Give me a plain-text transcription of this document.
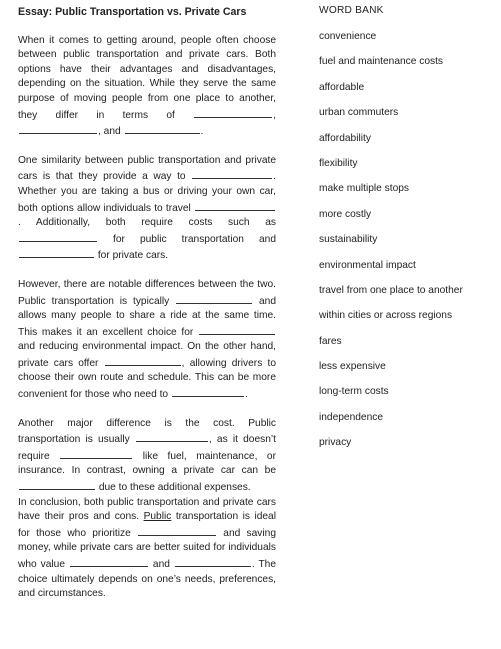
Essay: Public Transportation vs. Private Cars

When it comes to getting around, people often choose between public transportation and private cars. Both options have their advantages and disadvantages, depending on the situation. While they serve the same purpose of moving people from one place to another, they differ in terms of	, , and	.

One similarity between public transportation and private cars is that they provide a way to	. Whether you are taking a bus or driving your own car, both options allow individuals to travel . Additionally, both require costs such as  for public transportation and  for private cars.

However, there are notable differences between the two. Public transportation is typically	and allows many people to share a ride at the same time. This makes it an excellent choice for  and reducing environmental impact. On the other hand, private cars offer	, allowing drivers to choose their own route and schedule. This can be more convenient for those who need to	.

Another major difference is the cost. Public transportation is usually	, as it doesn’t require	like fuel, maintenance, or insurance. In contrast, owning a private car can be  due to these additional expenses.

In conclusion, both public transportation and private cars have their pros and cons. Public transportation is ideal for those who prioritize	and saving money, while private cars are better suited for individuals who value	and	. The choice ultimately depends on one’s needs, preferences, and circumstances.

WORD BANK
convenience
fuel and maintenance costs
affordable
urban commuters
affordability
flexibility
make multiple stops
more costly
sustainability
environmental impact
travel from one place to another
within cities or across regions
fares
less expensive
long-term costs
independence
privacy
